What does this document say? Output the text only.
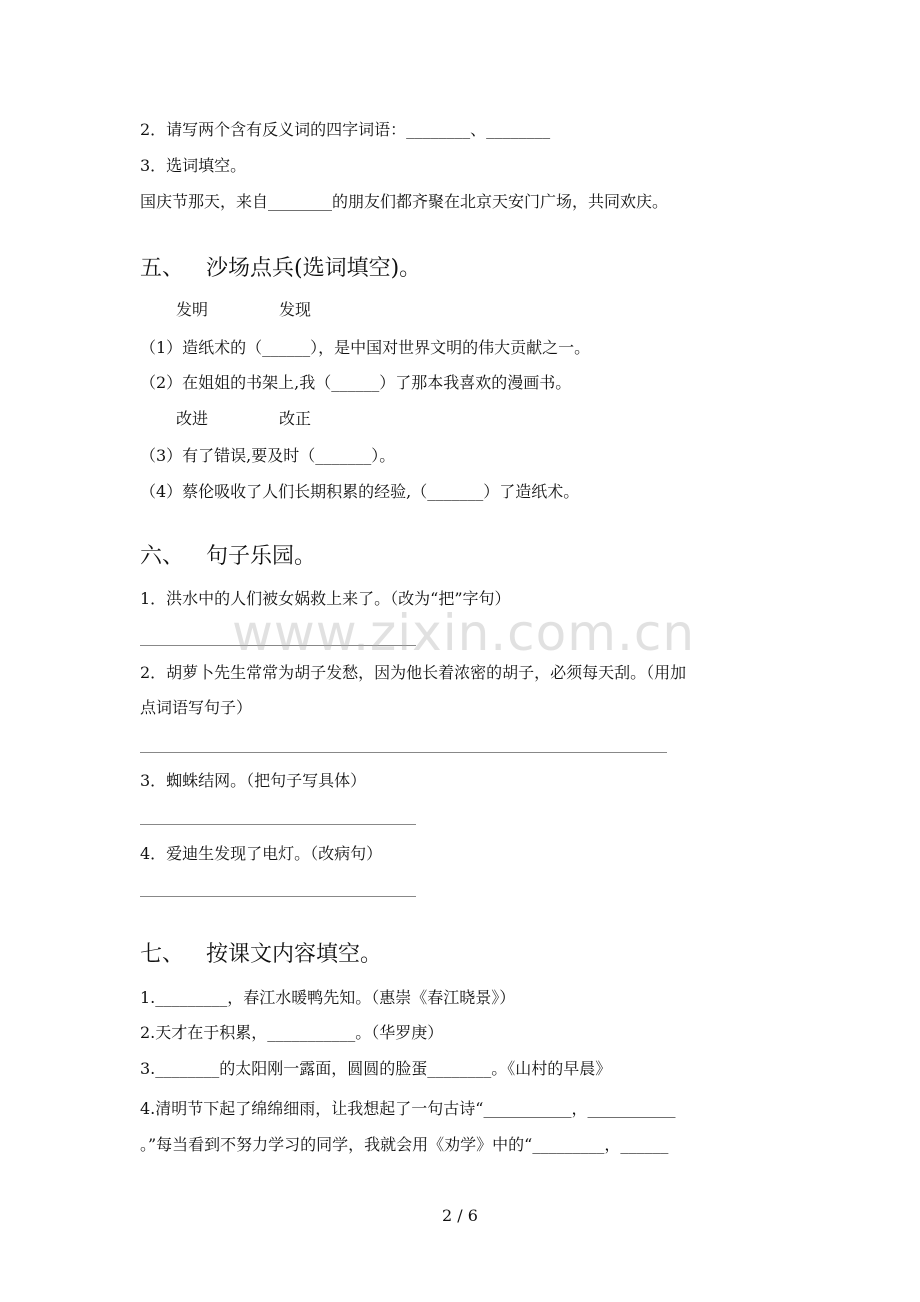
2．请写两个含有反义词的四字词语：________、________
3．选词填空。
国庆节那天，来自________的朋友们都齐聚在北京天安门广场，共同欢庆。
五、 沙场点兵(选词填空)。
发明	发现
（1）造纸术的（______），是中国对世界文明的伟大贡献之一。
（2）在姐姐的书架上,我（______）了那本我喜欢的漫画书。
改进	改正
（3）有了错误,要及时（_______）。
（4）蔡伦吸收了人们长期积累的经验,（_______）了造纸术。
六、 句子乐园。
1．洪水中的人们被女娲救上来了。（改为“把”字句）
2．胡萝卜先生常常为胡子发愁，因为他长着浓密的胡子，必须每天刮。（用加
点词语写句子）
3．蜘蛛结网。（把句子写具体）
4．爱迪生发现了电灯。（改病句）
www.zixin.com.cn
七、 按课文内容填空。
1._________，春江水暖鸭先知。（惠崇《春江晓景》）
2.天才在于积累，___________。（华罗庚）
3.________的太阳刚一露面，圆圆的脸蛋________。《山村的早晨》
4.清明节下起了绵绵细雨，让我想起了一句古诗“___________，___________
。”每当看到不努力学习的同学，我就会用《劝学》中的“_________，______
2 / 6
